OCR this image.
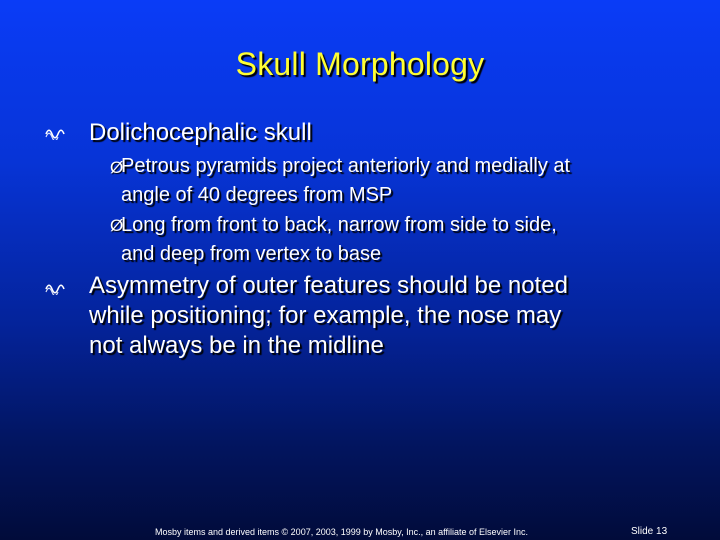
Skull Morphology
Dolichocephalic skull
Ø
Petrous pyramids project anteriorly and medially at
angle of 40 degrees from MSP
Ø
Long from front to back, narrow from side to side,
and deep from vertex to base
Asymmetry of outer features should be noted
while positioning; for example, the nose may
not always be in the midline
Mosby items and derived items © 2007, 2003, 1999 by Mosby, Inc., an affiliate of Elsevier Inc.	Slide 13
